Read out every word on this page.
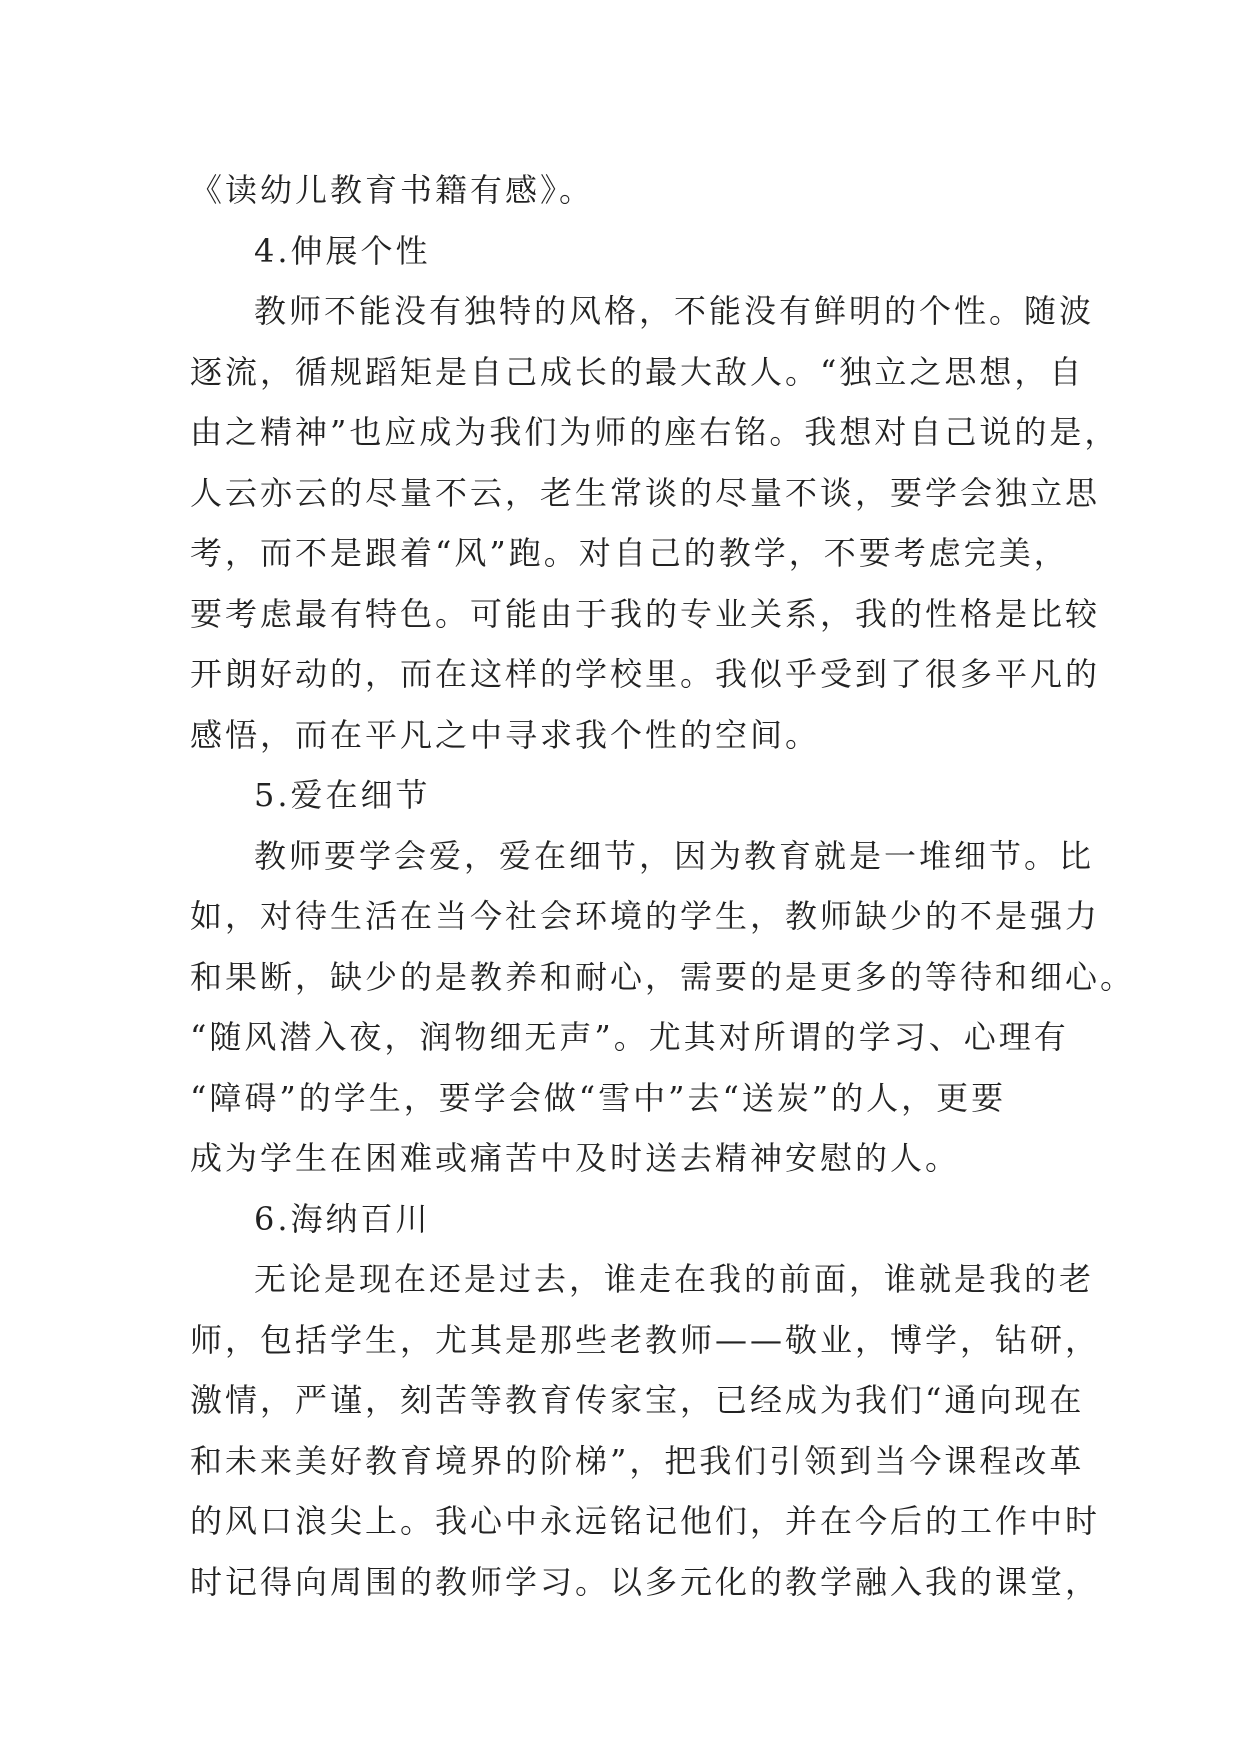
《读幼儿教育书籍有感》。
4.伸展个性
教师不能没有独特的风格，不能没有鲜明的个性。随波
逐流，循规蹈矩是自己成长的最大敌人。“独立之思想，自
由之精神”也应成为我们为师的座右铭。我想对自己说的是，
人云亦云的尽量不云，老生常谈的尽量不谈，要学会独立思
考，而不是跟着“风”跑。对自己的教学，不要考虑完美，
要考虑最有特色。可能由于我的专业关系，我的性格是比较
开朗好动的，而在这样的学校里。我似乎受到了很多平凡的
感悟，而在平凡之中寻求我个性的空间。
5.爱在细节
教师要学会爱，爱在细节，因为教育就是一堆细节。比
如，对待生活在当今社会环境的学生，教师缺少的不是强力
和果断，缺少的是教养和耐心，需要的是更多的等待和细心。
“随风潜入夜，润物细无声”。尤其对所谓的学习、心理有
“障碍”的学生，要学会做“雪中”去“送炭”的人，更要
成为学生在困难或痛苦中及时送去精神安慰的人。
6.海纳百川
无论是现在还是过去，谁走在我的前面，谁就是我的老
师，包括学生，尤其是那些老教师——敬业，博学，钻研，
激情，严谨，刻苦等教育传家宝，已经成为我们“通向现在
和未来美好教育境界的阶梯”，把我们引领到当今课程改革
的风口浪尖上。我心中永远铭记他们，并在今后的工作中时
时记得向周围的教师学习。以多元化的教学融入我的课堂，
